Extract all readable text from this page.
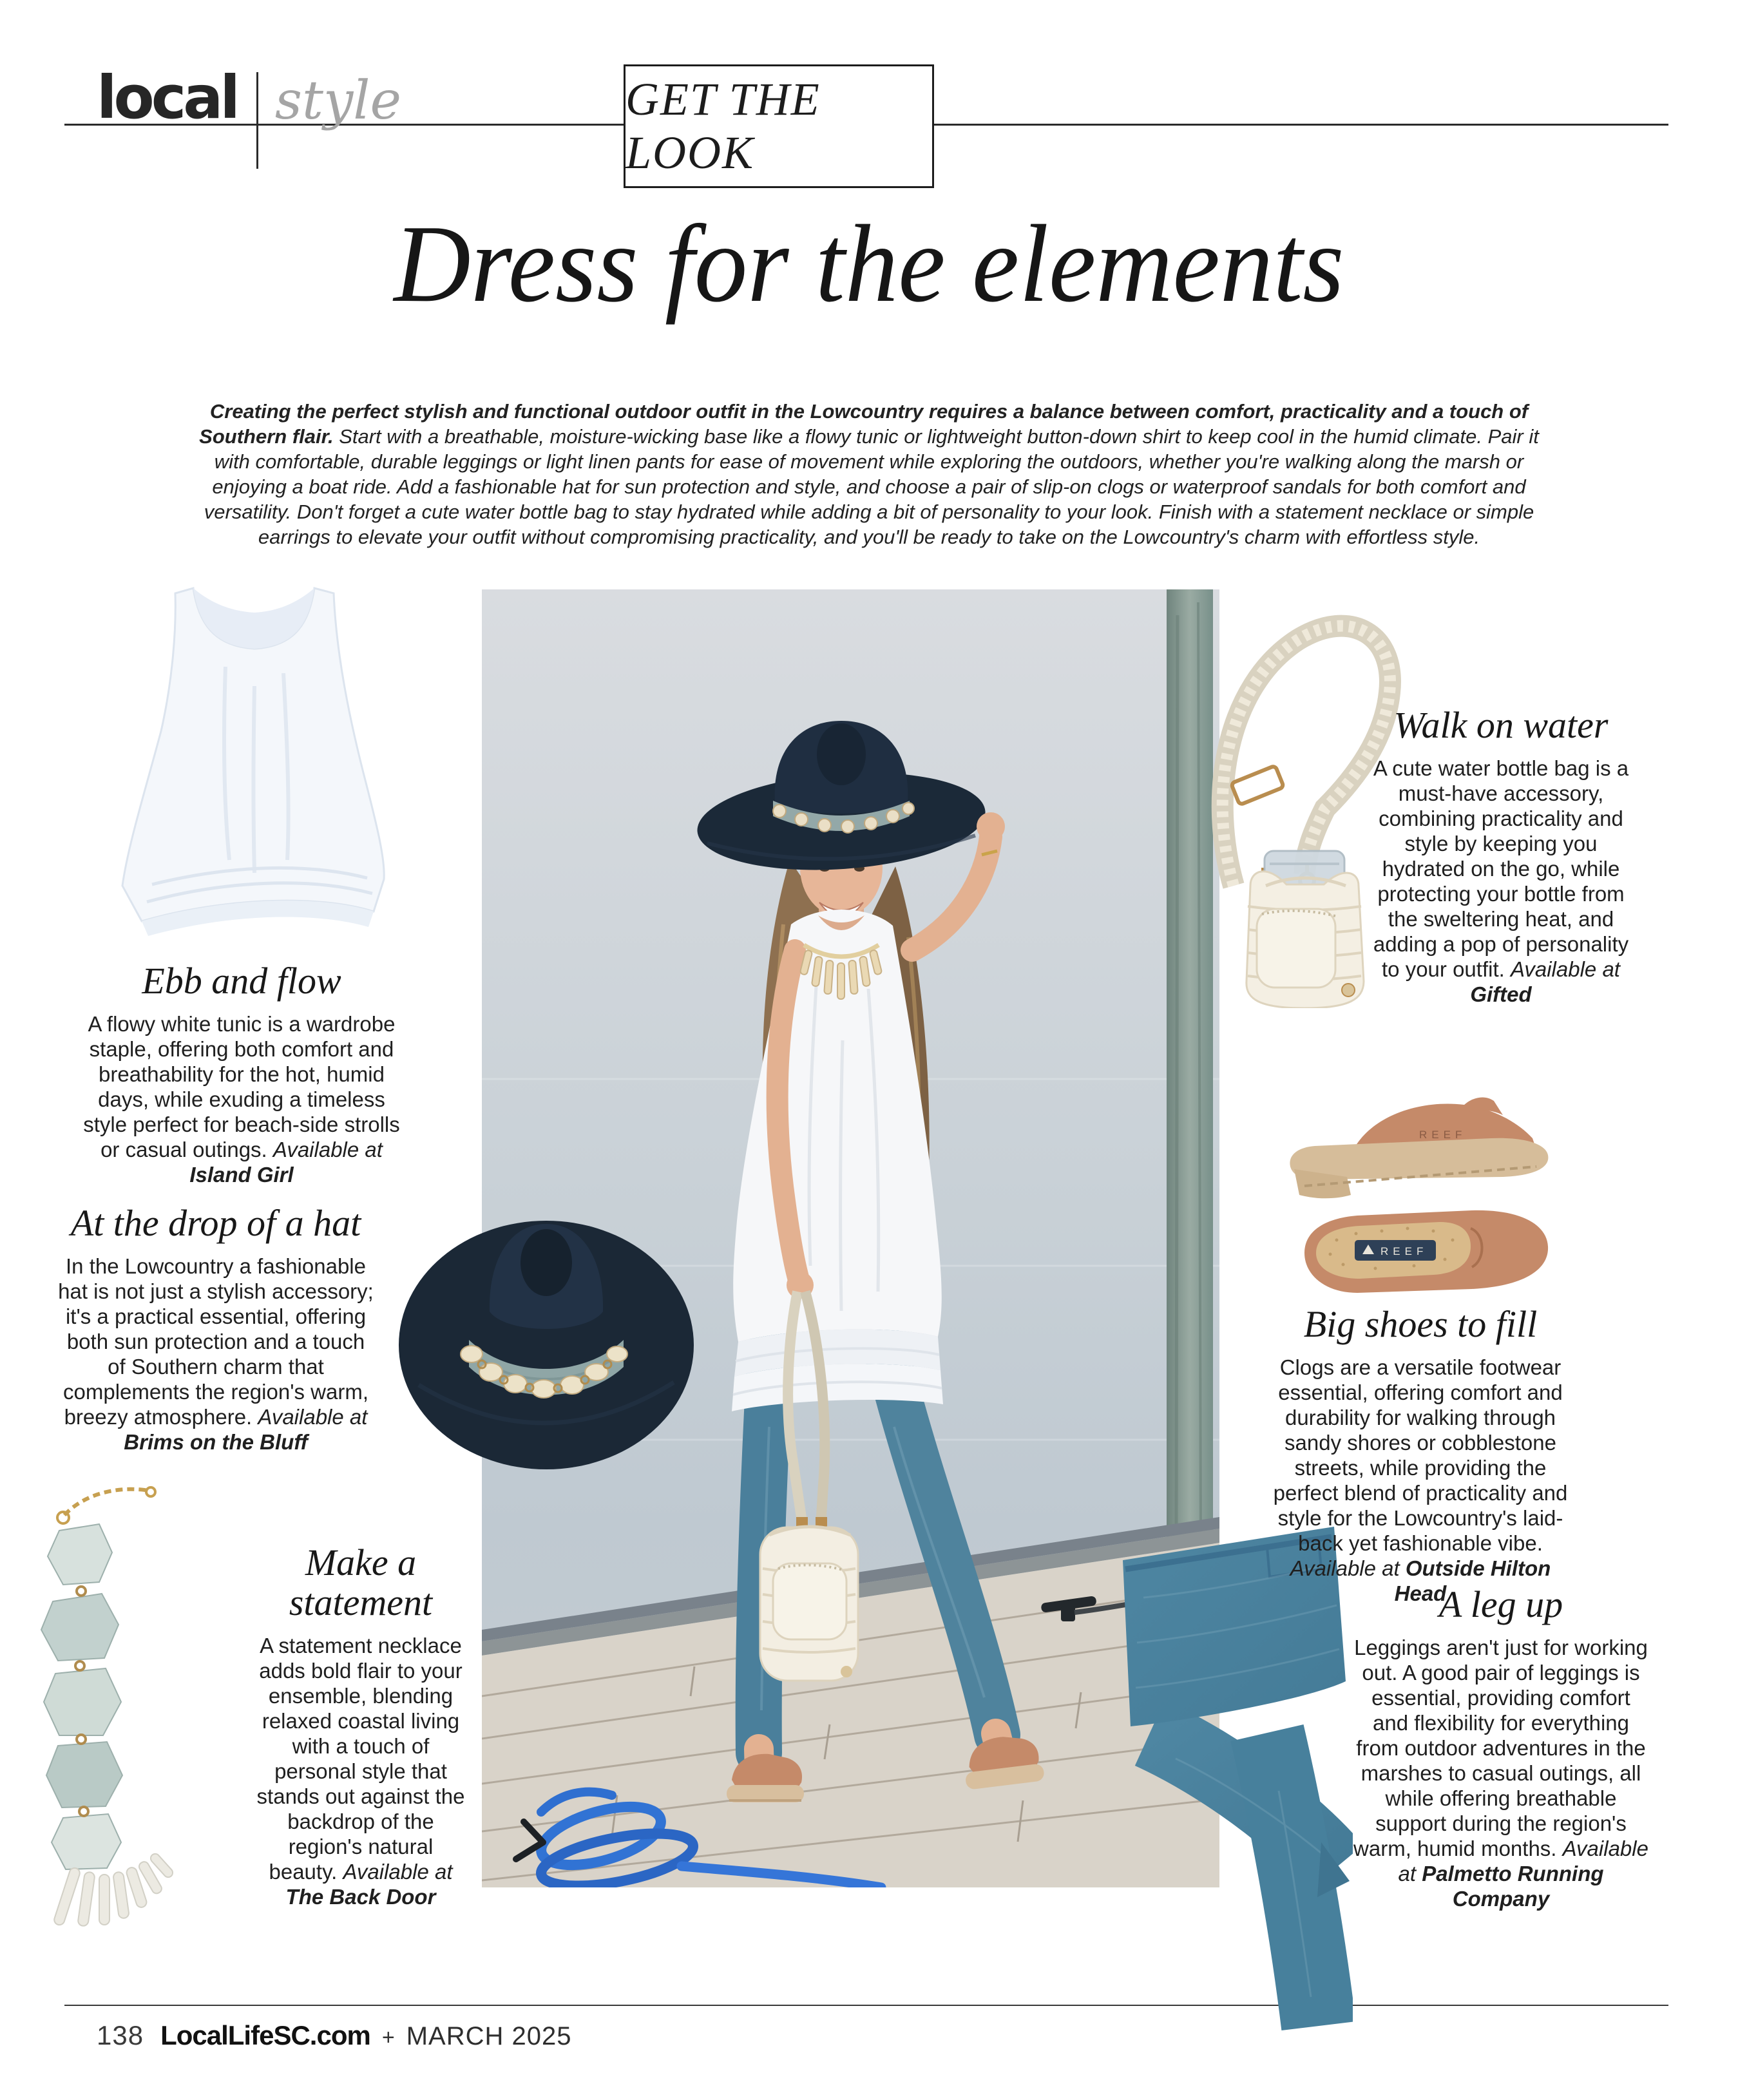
local style	GET THE LOOK
Dress for the elements

Creating the perfect stylish and functional outdoor outfit in the Lowcountry requires a balance between comfort, practicality and a touch of Southern flair. Start with a breathable, moisture-wicking base like a flowy tunic or lightweight button-down shirt to keep cool in the humid climate. Pair it with comfortable, durable leggings or light linen pants for ease of movement while exploring the outdoors, whether you're walking along the marsh or enjoying a boat ride. Add a fashionable hat for sun protection and style, and choose a pair of slip-on clogs or waterproof sandals for both comfort and versatility. Don't forget a cute water bottle bag to stay hydrated while adding a bit of personality to your look. Finish with a statement necklace or simple earrings to elevate your outfit without compromising practicality, and you'll be ready to take on the Lowcountry's charm with effortless style.

REEF
REEF
Ebb and flow

A flowy white tunic is a wardrobe staple, offering both comfort and breathability for the hot, humid days, while exuding a timeless style perfect for beach-side strolls or casual outings. Available at Island Girl

At the drop of a hat

In the Lowcountry a fashionable hat is not just a stylish accessory; it's a practical essential, offering both sun protection and a touch of Southern charm that complements the region's warm, breezy atmosphere. Available at Brims on the Bluff

Make a statement

A statement necklace adds bold flair to your ensemble, blending relaxed coastal living with a touch of personal style that stands out against the backdrop of the region's natural beauty. Available at The Back Door

Walk on water

A cute water bottle bag is a must-have accessory, combining practicality and style by keeping you hydrated on the go, while protecting your bottle from the sweltering heat, and adding a pop of personality to your outfit. Available at Gifted

Big shoes to fill

Clogs are a versatile footwear essential, offering comfort and durability for walking through sandy shores or cobblestone streets, while providing the perfect blend of practicality and style for the Lowcountry's laid-back yet fashionable vibe. Available at Outside Hilton Head

A leg up

Leggings aren't just for working out. A good pair of leggings is essential, providing comfort and flexibility for everything from outdoor adventures in the marshes to casual outings, all while offering breathable support during the region's warm, humid months. Available at Palmetto Running Company

138 LocalLifeSC.com + MARCH 2025
